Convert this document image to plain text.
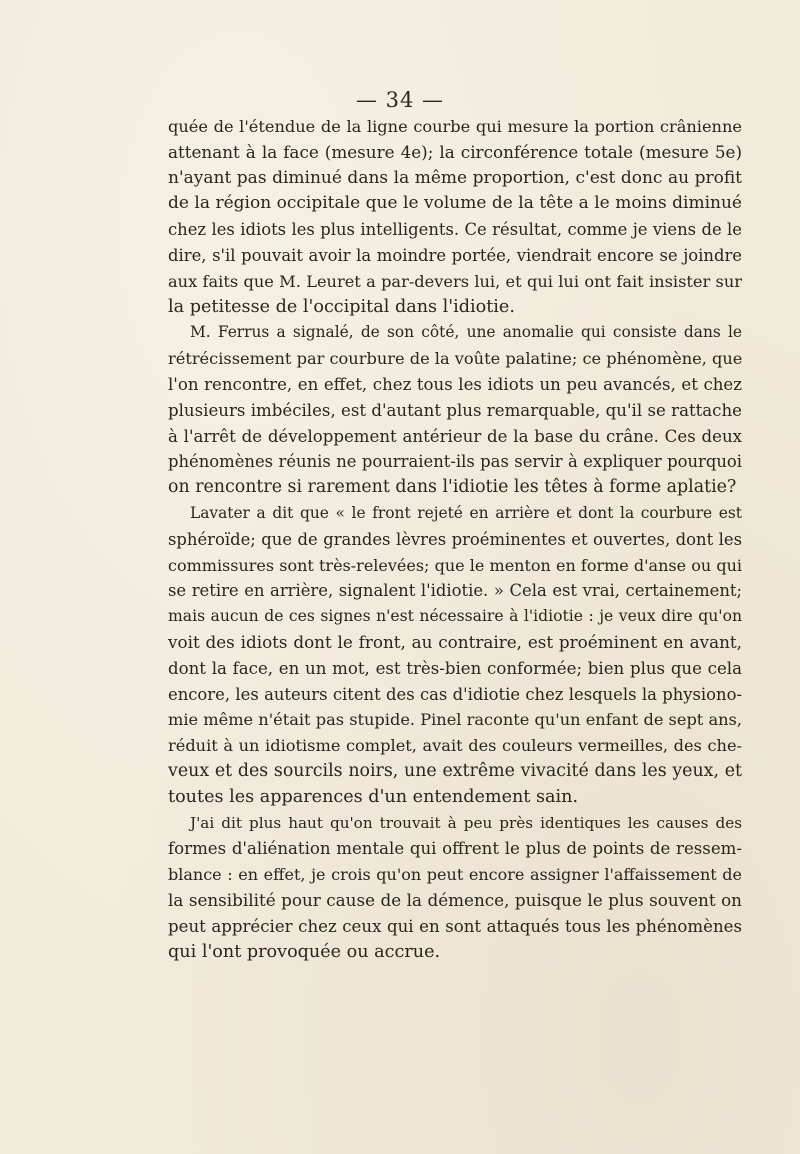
— 34 —
quée de l'étendue de la ligne courbe qui mesure la portion crânienne
attenant à la face (mesure 4e); la circonférence totale (mesure 5e)
n'ayant pas diminué dans la même proportion, c'est donc au profit
de la région occipitale que le volume de la tête a le moins diminué
chez les idiots les plus intelligents. Ce résultat, comme je viens de le
dire, s'il pouvait avoir la moindre portée, viendrait encore se joindre
aux faits que M. Leuret a par-devers lui, et qui lui ont fait insister sur
la petitesse de l'occipital dans l'idiotie.
M. Ferrus a signalé, de son côté, une anomalie qui consiste dans le
rétrécissement par courbure de la voûte palatine; ce phénomène, que
l'on rencontre, en effet, chez tous les idiots un peu avancés, et chez
plusieurs imbéciles, est d'autant plus remarquable, qu'il se rattache
à l'arrêt de développement antérieur de la base du crâne. Ces deux
phénomènes réunis ne pourraient-ils pas servir à expliquer pourquoi
on rencontre si rarement dans l'idiotie les têtes à forme aplatie?
Lavater a dit que « le front rejeté en arrière et dont la courbure est
sphéroïde; que de grandes lèvres proéminentes et ouvertes, dont les
commissures sont très-relevées; que le menton en forme d'anse ou qui
se retire en arrière, signalent l'idiotie. » Cela est vrai, certainement;
mais aucun de ces signes n'est nécessaire à l'idiotie : je veux dire qu'on
voit des idiots dont le front, au contraire, est proéminent en avant,
dont la face, en un mot, est très-bien conformée; bien plus que cela
encore, les auteurs citent des cas d'idiotie chez lesquels la physiono-
mie même n'était pas stupide. Pinel raconte qu'un enfant de sept ans,
réduit à un idiotisme complet, avait des couleurs vermeilles, des che-
veux et des sourcils noirs, une extrême vivacité dans les yeux, et
toutes les apparences d'un entendement sain.
J'ai dit plus haut qu'on trouvait à peu près identiques les causes des
formes d'aliénation mentale qui offrent le plus de points de ressem-
blance : en effet, je crois qu'on peut encore assigner l'affaissement de
la sensibilité pour cause de la démence, puisque le plus souvent on
peut apprécier chez ceux qui en sont attaqués tous les phénomènes
qui l'ont provoquée ou accrue.
